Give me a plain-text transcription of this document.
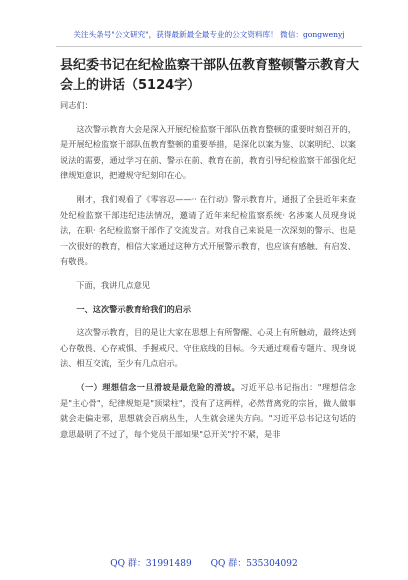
关注头条号"公文研究"，获得最新最全最专业的公文资料库！ 微信：gongwenyj
县纪委书记在纪检监察干部队伍教育整顿警示教育大会上的讲话（5124字）

同志们：

这次警示教育大会是深入开展纪检监察干部队伍教育整顿的重要时刻召开的，是开展纪检监察干部队伍教育整顿的重要举措，是深化以案为鉴、以案明纪、以案说法的需要，通过学习在前、警示在前、教育在前，教育引导纪检监察干部强化纪律规矩意识，把遵规守纪刻印在心。

刚才，我们观看了《零容忍——·· 在行动》警示教育片，通报了全县近年来查处纪检监察干部违纪违法情况，邀请了近年来纪检监察系统· 名涉案人员现身说法，在职· 名纪检监察干部作了交流发言。对我自己来说是一次深刻的警示、也是一次很好的教育，相信大家通过这种方式开展警示教育，也应该有感触、有启发、有敬畏。

下面，我讲几点意见

一、这次警示教育给我们的启示

这次警示教育，目的是让大家在思想上有所警醒、心灵上有所触动，最终达到心存敬畏、心存戒惧、手握戒尺、守住底线的目标。今天通过观看专题片、现身说法、相互交流，至少有几点启示。

（一）理想信念一旦滑坡是最危险的滑坡。习近平总书记指出："理想信念是"主心骨"，纪律规矩是"顶梁柱"，没有了这两样，必然背离党的宗旨，做人做事就会走偏走邪，思想就会百病丛生，人生就会迷失方向。"习近平总书记这句话的意思最明了不过了，每个党员干部如果"总开关"拧不紧，是非

QQ 群：31991489 QQ 群：535304092
